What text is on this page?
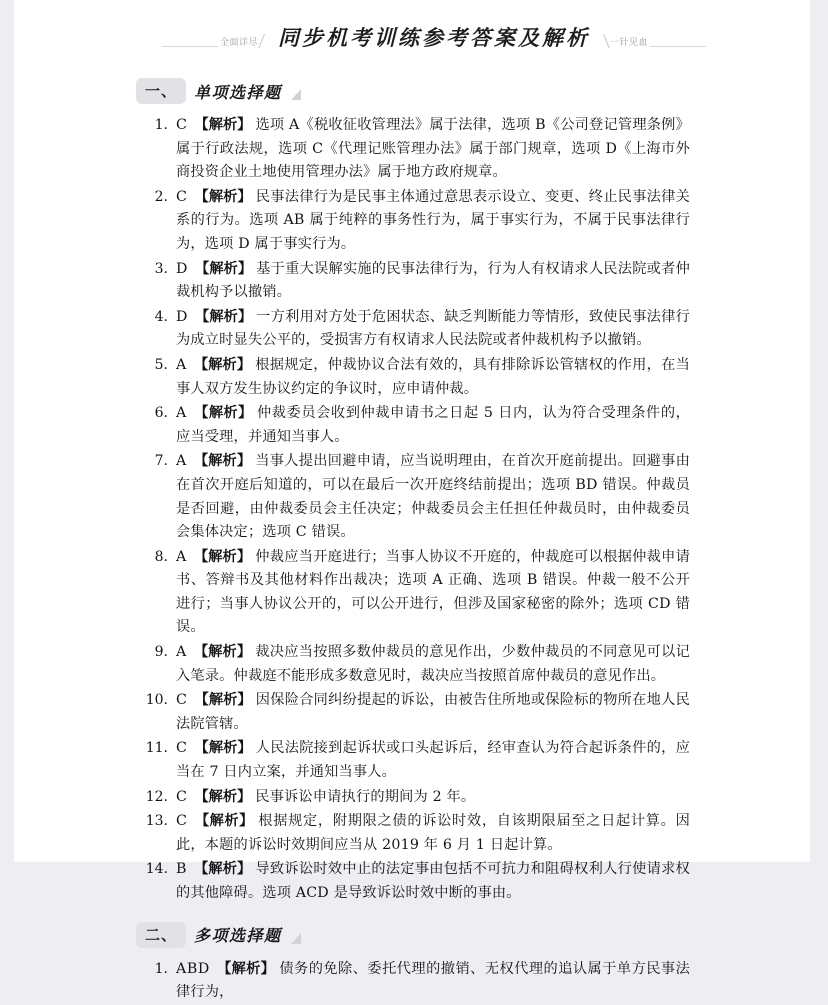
全面详尽 同步机考训练参考答案及解析	一针见血
一、	单项选择题
1. C 【解析】 选项 A《税收征收管理法》属于法律，选项 B《公司登记管理条例》属于行政法规，选项 C《代理记账管理办法》属于部门规章，选项 D《上海市外商投资企业土地使用管理办法》属于地方政府规章。
2. C 【解析】 民事法律行为是民事主体通过意思表示设立、变更、终止民事法律关系的行为。选项 AB 属于纯粹的事务性行为，属于事实行为，不属于民事法律行为，选项 D 属于事实行为。
3. D 【解析】 基于重大误解实施的民事法律行为，行为人有权请求人民法院或者仲裁机构予以撤销。
4. D 【解析】 一方利用对方处于危困状态、缺乏判断能力等情形，致使民事法律行为成立时显失公平的，受损害方有权请求人民法院或者仲裁机构予以撤销。
5. A 【解析】 根据规定，仲裁协议合法有效的，具有排除诉讼管辖权的作用，在当事人双方发生协议约定的争议时，应申请仲裁。
6. A 【解析】 仲裁委员会收到仲裁申请书之日起 5 日内，认为符合受理条件的，应当受理，并通知当事人。
7. A 【解析】 当事人提出回避申请，应当说明理由，在首次开庭前提出。回避事由在首次开庭后知道的，可以在最后一次开庭终结前提出；选项 BD 错误。仲裁员是否回避，由仲裁委员会主任决定；仲裁委员会主任担任仲裁员时，由仲裁委员会集体决定；选项 C 错误。
8. A 【解析】 仲裁应当开庭进行；当事人协议不开庭的，仲裁庭可以根据仲裁申请书、答辩书及其他材料作出裁决；选项 A 正确、选项 B 错误。仲裁一般不公开进行；当事人协议公开的，可以公开进行，但涉及国家秘密的除外；选项 CD 错误。
9. A 【解析】 裁决应当按照多数仲裁员的意见作出，少数仲裁员的不同意见可以记入笔录。仲裁庭不能形成多数意见时，裁决应当按照首席仲裁员的意见作出。
10. C 【解析】 因保险合同纠纷提起的诉讼，由被告住所地或保险标的物所在地人民法院管辖。
11. C 【解析】 人民法院接到起诉状或口头起诉后，经审查认为符合起诉条件的，应当在 7 日内立案，并通知当事人。
12. C 【解析】 民事诉讼申请执行的期间为 2 年。
13. C 【解析】 根据规定，附期限之债的诉讼时效，自该期限届至之日起计算。因此，本题的诉讼时效期间应当从 2019 年 6 月 1 日起计算。
14. B 【解析】 导致诉讼时效中止的法定事由包括不可抗力和阻碍权利人行使请求权的其他障碍。选项 ACD 是导致诉讼时效中断的事由。
二、	多项选择题
1. ABD 【解析】 债务的免除、委托代理的撤销、无权代理的追认属于单方民事法律行为，
